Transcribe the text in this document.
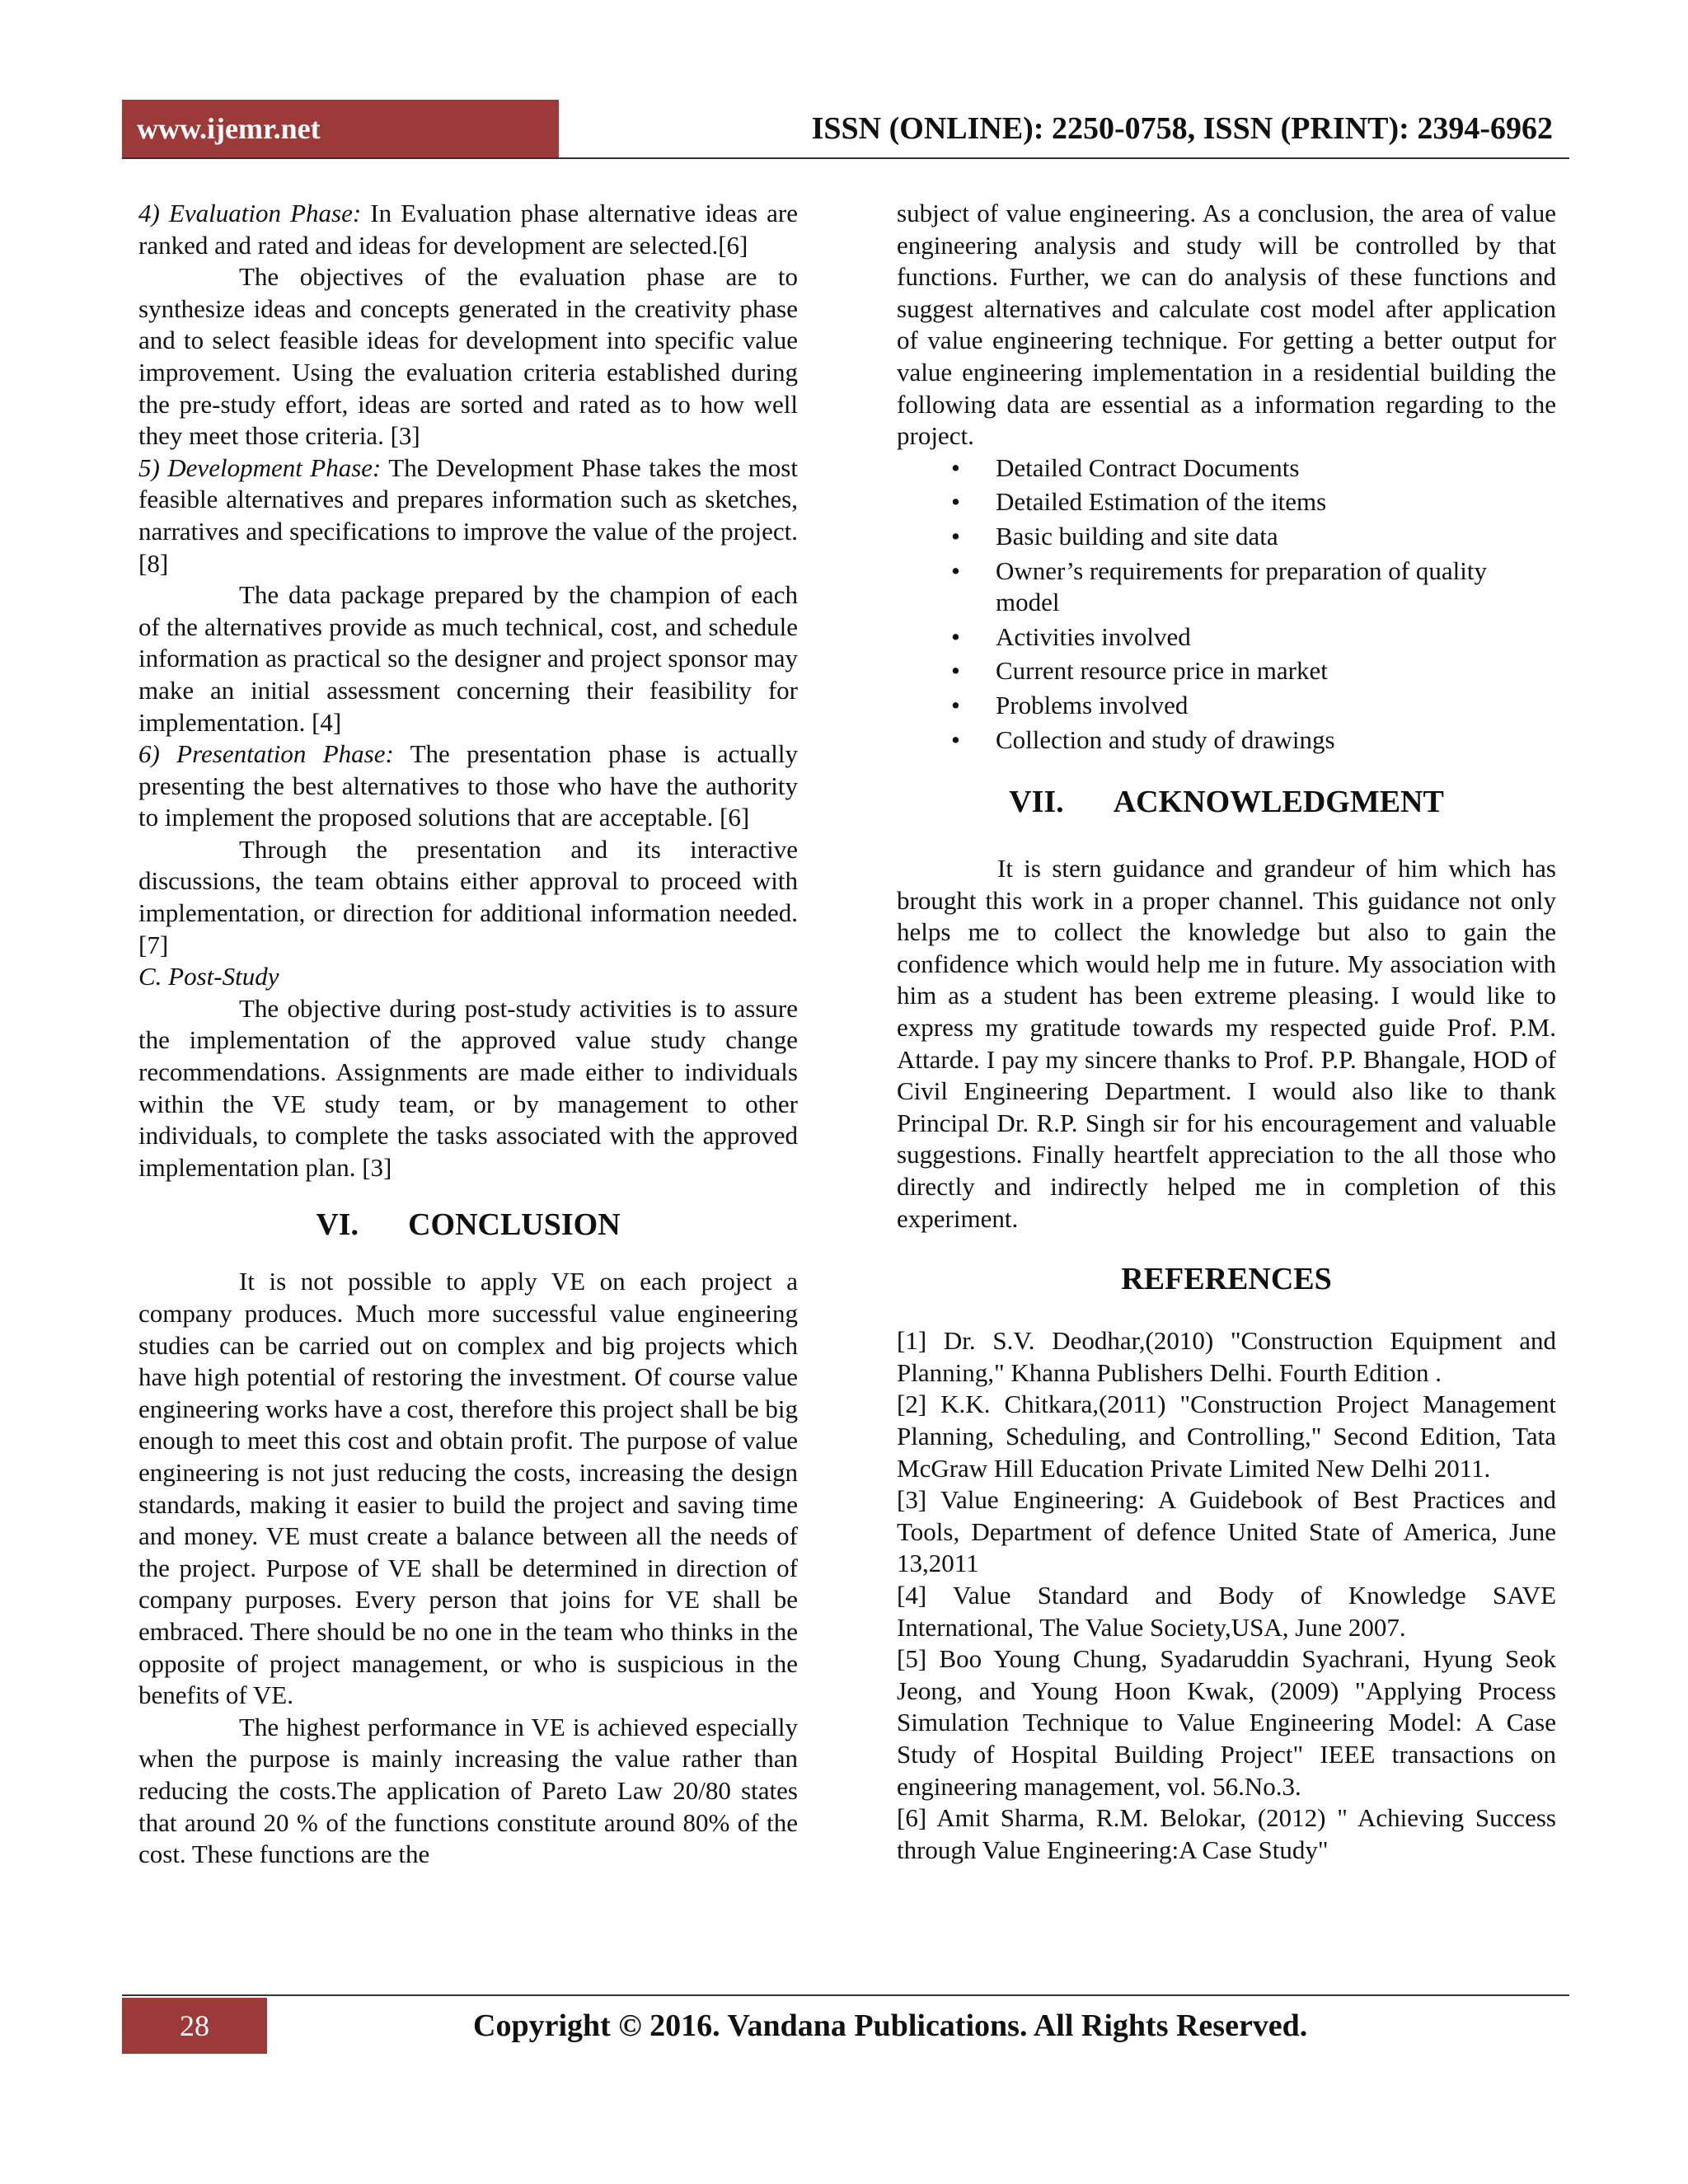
www.ijemr.net	ISSN (ONLINE): 2250-0758, ISSN (PRINT): 2394-6962

4) Evaluation Phase: In Evaluation phase alternative ideas are ranked and rated and ideas for development are selected.[6]

The objectives of the evaluation phase are to synthesize ideas and concepts generated in the creativity phase and to select feasible ideas for development into specific value improvement. Using the evaluation criteria established during the pre-study effort, ideas are sorted and rated as to how well they meet those criteria. [3]

5) Development Phase: The Development Phase takes the most feasible alternatives and prepares information such as sketches, narratives and specifications to improve the value of the project.[8]

The data package prepared by the champion of each of the alternatives provide as much technical, cost, and schedule information as practical so the designer and project sponsor may make an initial assessment concerning their feasibility for implementation. [4]

6) Presentation Phase: The presentation phase is actually presenting the best alternatives to those who have the authority to implement the proposed solutions that are acceptable. [6]

Through the presentation and its interactive discussions, the team obtains either approval to proceed with implementation, or direction for additional information needed. [7]

C. Post-Study

The objective during post-study activities is to assure the implementation of the approved value study change recommendations. Assignments are made either to individuals within the VE study team, or by management to other individuals, to complete the tasks associated with the approved implementation plan. [3]

VI. CONCLUSION

It is not possible to apply VE on each project a company produces. Much more successful value engineering studies can be carried out on complex and big projects which have high potential of restoring the investment. Of course value engineering works have a cost, therefore this project shall be big enough to meet this cost and obtain profit. The purpose of value engineering is not just reducing the costs, increasing the design standards, making it easier to build the project and saving time and money. VE must create a balance between all the needs of the project. Purpose of VE shall be determined in direction of company purposes. Every person that joins for VE shall be embraced. There should be no one in the team who thinks in the opposite of project management, or who is suspicious in the benefits of VE.

The highest performance in VE is achieved especially when the purpose is mainly increasing the value rather than reducing the costs.The application of Pareto Law 20/80 states that around 20 % of the functions constitute around 80% of the cost. These functions are the

subject of value engineering. As a conclusion, the area of value engineering analysis and study will be controlled by that functions. Further, we can do analysis of these functions and suggest alternatives and calculate cost model after application of value engineering technique. For getting a better output for value engineering implementation in a residential building the following data are essential as a information regarding to the project.

• Detailed Contract Documents
• Detailed Estimation of the items
• Basic building and site data
• Owner’s requirements for preparation of quality model
• Activities involved
• Current resource price in market
• Problems involved
• Collection and study of drawings
VII. ACKNOWLEDGMENT

It is stern guidance and grandeur of him which has brought this work in a proper channel. This guidance not only helps me to collect the knowledge but also to gain the confidence which would help me in future. My association with him as a student has been extreme pleasing. I would like to express my gratitude towards my respected guide Prof. P.M. Attarde. I pay my sincere thanks to Prof. P.P. Bhangale, HOD of Civil Engineering Department. I would also like to thank Principal Dr. R.P. Singh sir for his encouragement and valuable suggestions. Finally heartfelt appreciation to the all those who directly and indirectly helped me in completion of this experiment.

REFERENCES

[1] Dr. S.V. Deodhar,(2010) "Construction Equipment and Planning," Khanna Publishers Delhi. Fourth Edition .

[2] K.K. Chitkara,(2011) "Construction Project Management Planning, Scheduling, and Controlling," Second Edition, Tata McGraw Hill Education Private Limited New Delhi 2011.

[3] Value Engineering: A Guidebook of Best Practices and Tools, Department of defence United State of America, June 13,2011

[4] Value Standard and Body of Knowledge SAVE International, The Value Society,USA, June 2007.

[5] Boo Young Chung, Syadaruddin Syachrani, Hyung Seok Jeong, and Young Hoon Kwak, (2009) "Applying Process Simulation Technique to Value Engineering Model: A Case Study of Hospital Building Project" IEEE transactions on engineering management, vol. 56.No.3.

[6] Amit Sharma, R.M. Belokar, (2012) " Achieving Success through Value Engineering:A Case Study"

28	Copyright © 2016. Vandana Publications. All Rights Reserved.
